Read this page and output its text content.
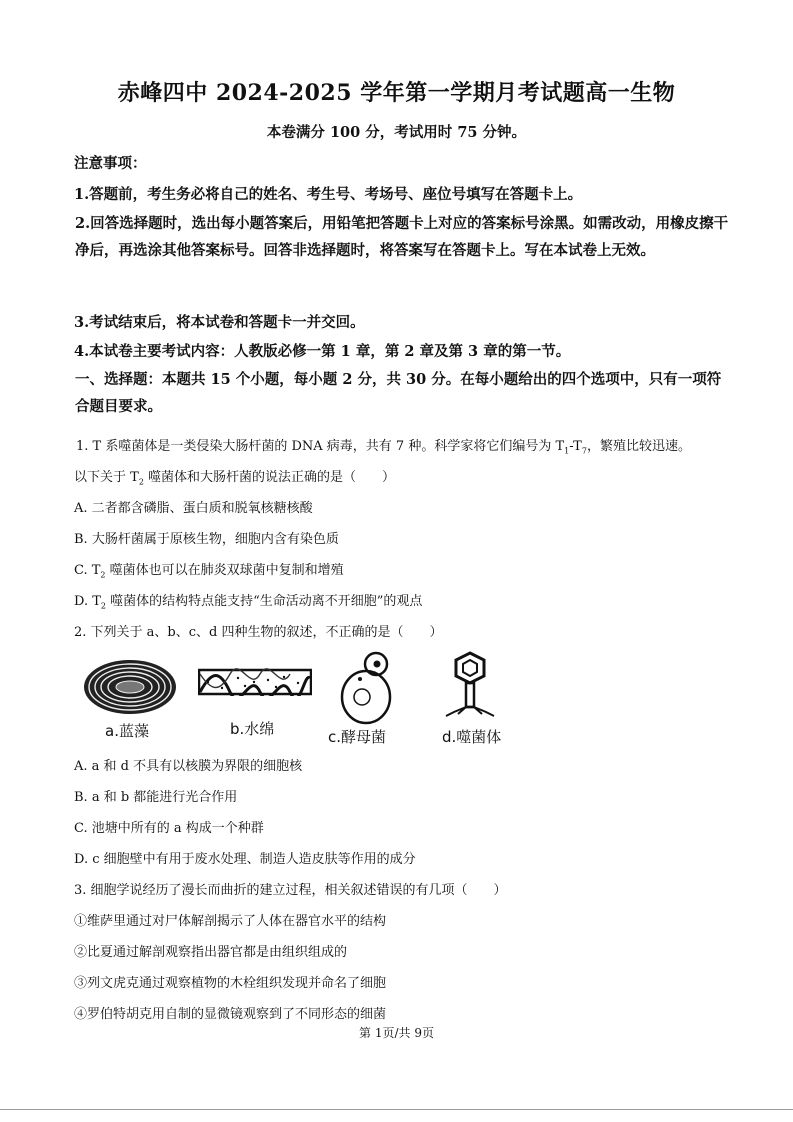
赤峰四中 2024-2025 学年第一学期月考试题高一生物
本卷满分 100 分，考试用时 75 分钟。
注意事项：
1.答题前，考生务必将自己的姓名、考生号、考场号、座位号填写在答题卡上。
2.回答选择题时，选出每小题答案后，用铅笔把答题卡上对应的答案标号涂黑。如需改动，用橡皮擦干净后，再选涂其他答案标号。回答非选择题时，将答案写在答题卡上。写在本试卷上无效。
3.考试结束后，将本试卷和答题卡一并交回。
4.本试卷主要考试内容：人教版必修一第 1 章，第 2 章及第 3 章的第一节。
一、选择题：本题共 15 个小题，每小题 2 分，共 30 分。在每小题给出的四个选项中，只有一项符合题目要求。
1. T 系噬菌体是一类侵染大肠杆菌的 DNA 病毒，共有 7 种。科学家将它们编号为 $T_1-T_7$，繁殖比较迅速。
以下关于 $T_2$ 噬菌体和大肠杆菌的说法正确的是（　　）
A. 二者都含磷脂、蛋白质和脱氧核糖核酸
B. 大肠杆菌属于原核生物，细胞内含有染色质
C. $T_2$ 噬菌体也可以在肺炎双球菌中复制和增殖
D. $T_2$ 噬菌体的结构特点能支持“生命活动离不开细胞”的观点
2. 下列关于 a、b、c、d 四种生物的叙述，不正确的是（　　）
a.蓝藻	b.水绵	c.酵母菌	d.噬菌体
A. a 和 d 不具有以核膜为界限的细胞核
B. a 和 b 都能进行光合作用
C. 池塘中所有的 a 构成一个种群
D. c 细胞壁中有用于废水处理、制造人造皮肤等作用的成分
3. 细胞学说经历了漫长而曲折的建立过程，相关叙述错误的有几项（　　）
①维萨里通过对尸体解剖揭示了人体在器官水平的结构
②比夏通过解剖观察指出器官都是由组织组成的
③列文虎克通过观察植物的木栓组织发现并命名了细胞
④罗伯特胡克用自制的显微镜观察到了不同形态的细菌
第 1页/共 9页
